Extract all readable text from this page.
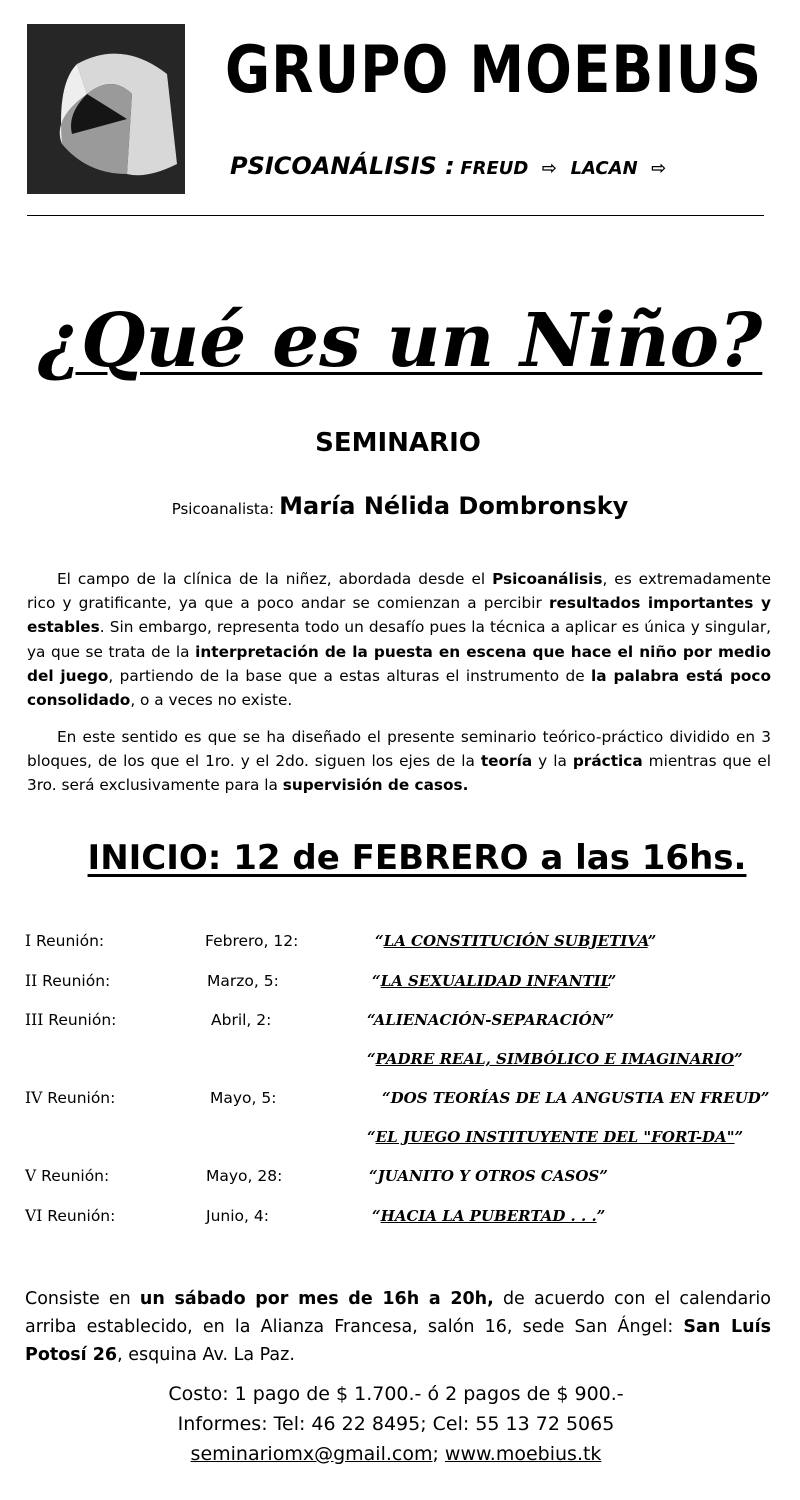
GRUPO MOEBIUS
PSICOANÁLISIS : FREUD ⇨ LACAN ⇨
¿Qué es un Niño?
SEMINARIO
Psicoanalista: María Nélida Dombronsky
El campo de la clínica de la niñez, abordada desde el Psicoanálisis, es extremadamente rico y gratificante, ya que a poco andar se comienzan a percibir resultados importantes y estables. Sin embargo, representa todo un desafío pues la técnica a aplicar es única y singular, ya que se trata de la interpretación de la puesta en escena que hace el niño por medio del juego, partiendo de la base que a estas alturas el instrumento de la palabra está poco consolidado, o a veces no existe.
En este sentido es que se ha diseñado el presente seminario teórico-práctico dividido en 3 bloques, de los que el 1ro. y el 2do. siguen los ejes de la teoría y la práctica mientras que el 3ro. será exclusivamente para la supervisión de casos.
INICIO: 12 de FEBRERO a las 16hs.
I Reunión:	Febrero, 12:	“LA CONSTITUCIÓN SUBJETIVA”
II Reunión:	Marzo, 5:	“LA SEXUALIDAD INFANTIL”
III Reunión:	Abril, 2:	“ALIENACIÓN-SEPARACIÓN”
“PADRE REAL, SIMBÓLICO E IMAGINARIO”
IV Reunión:	Mayo, 5:	“DOS TEORÍAS DE LA ANGUSTIA EN FREUD”
“EL JUEGO INSTITUYENTE DEL "FORT-DA"”
V Reunión:	Mayo, 28:	“JUANITO Y OTROS CASOS”
VI Reunión:	Junio, 4:	“HACIA LA PUBERTAD . . .”
Consiste en un sábado por mes de 16h a 20h, de acuerdo con el calendario arriba establecido, en la Alianza Francesa, salón 16, sede San Ángel: San Luís Potosí 26, esquina Av. La Paz.
Costo: 1 pago de $ 1.700.- ó 2 pagos de $ 900.-
Informes: Tel: 46 22 8495; Cel: 55 13 72 5065
seminariomx@gmail.com; www.moebius.tk
